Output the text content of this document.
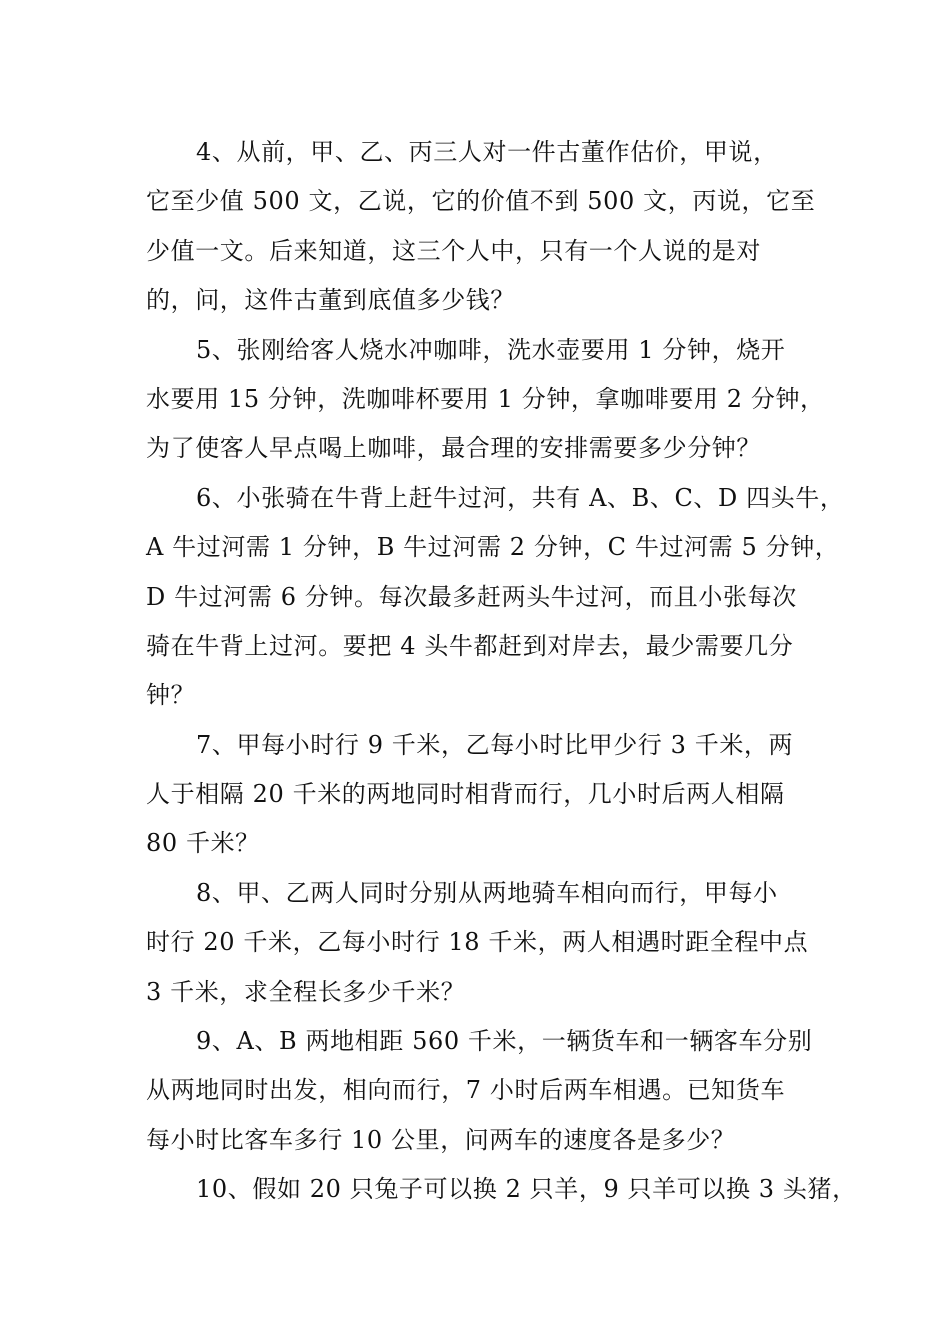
4、从前，甲、乙、丙三人对一件古董作估价，甲说，
它至少值 500 文，乙说，它的价值不到 500 文，丙说，它至
少值一文。后来知道，这三个人中，只有一个人说的是对
的，问，这件古董到底值多少钱？
5、张刚给客人烧水冲咖啡，洗水壶要用 1 分钟，烧开
水要用 15 分钟，洗咖啡杯要用 1 分钟，拿咖啡要用 2 分钟，
为了使客人早点喝上咖啡，最合理的安排需要多少分钟？
6、小张骑在牛背上赶牛过河，共有 A、B、C、D 四头牛，
A 牛过河需 1 分钟，B 牛过河需 2 分钟，C 牛过河需 5 分钟，
D 牛过河需 6 分钟。每次最多赶两头牛过河，而且小张每次
骑在牛背上过河。要把 4 头牛都赶到对岸去，最少需要几分
钟？
7、甲每小时行 9 千米，乙每小时比甲少行 3 千米，两
人于相隔 20 千米的两地同时相背而行，几小时后两人相隔
80 千米？
8、甲、乙两人同时分别从两地骑车相向而行，甲每小
时行 20 千米，乙每小时行 18 千米，两人相遇时距全程中点
3 千米，求全程长多少千米？
9、A、B 两地相距 560 千米，一辆货车和一辆客车分别
从两地同时出发，相向而行，7 小时后两车相遇。已知货车
每小时比客车多行 10 公里，问两车的速度各是多少？
10、假如 20 只兔子可以换 2 只羊，9 只羊可以换 3 头猪，
